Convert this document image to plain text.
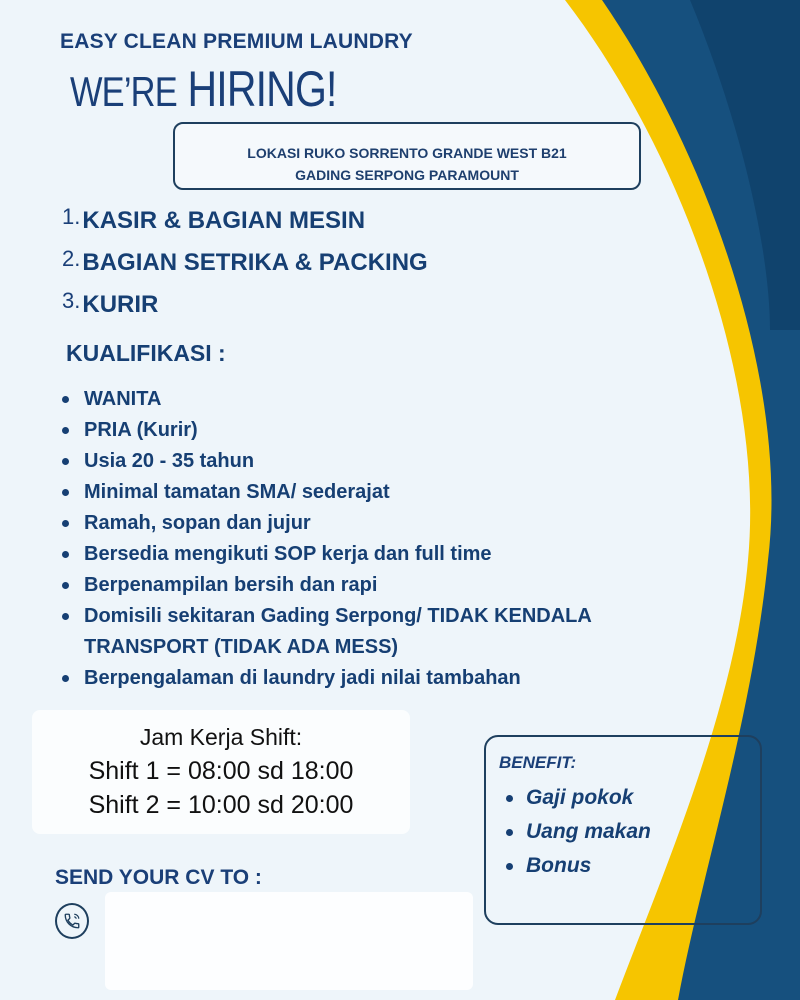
EASY CLEAN PREMIUM LAUNDRY
WE’RE HIRING!
LOKASI RUKO SORRENTO GRANDE WEST B21
GADING SERPONG PARAMOUNT
1.KASIR & BAGIAN MESIN
2.BAGIAN SETRIKA & PACKING
3.KURIR
KUALIFIKASI :
WANITA
PRIA (Kurir)
Usia 20 - 35 tahun
Minimal tamatan SMA/ sederajat
Ramah, sopan dan jujur
Bersedia mengikuti SOP kerja dan full time
Berpenampilan bersih dan rapi
Domisili sekitaran Gading Serpong/ TIDAK KENDALA TRANSPORT (TIDAK ADA MESS)
Berpengalaman di laundry jadi nilai tambahan
Jam Kerja Shift:
Shift 1 = 08:00 sd 18:00
Shift 2 = 10:00 sd 20:00
BENEFIT:
Gaji pokok
Uang makan
Bonus
SEND YOUR CV TO :
